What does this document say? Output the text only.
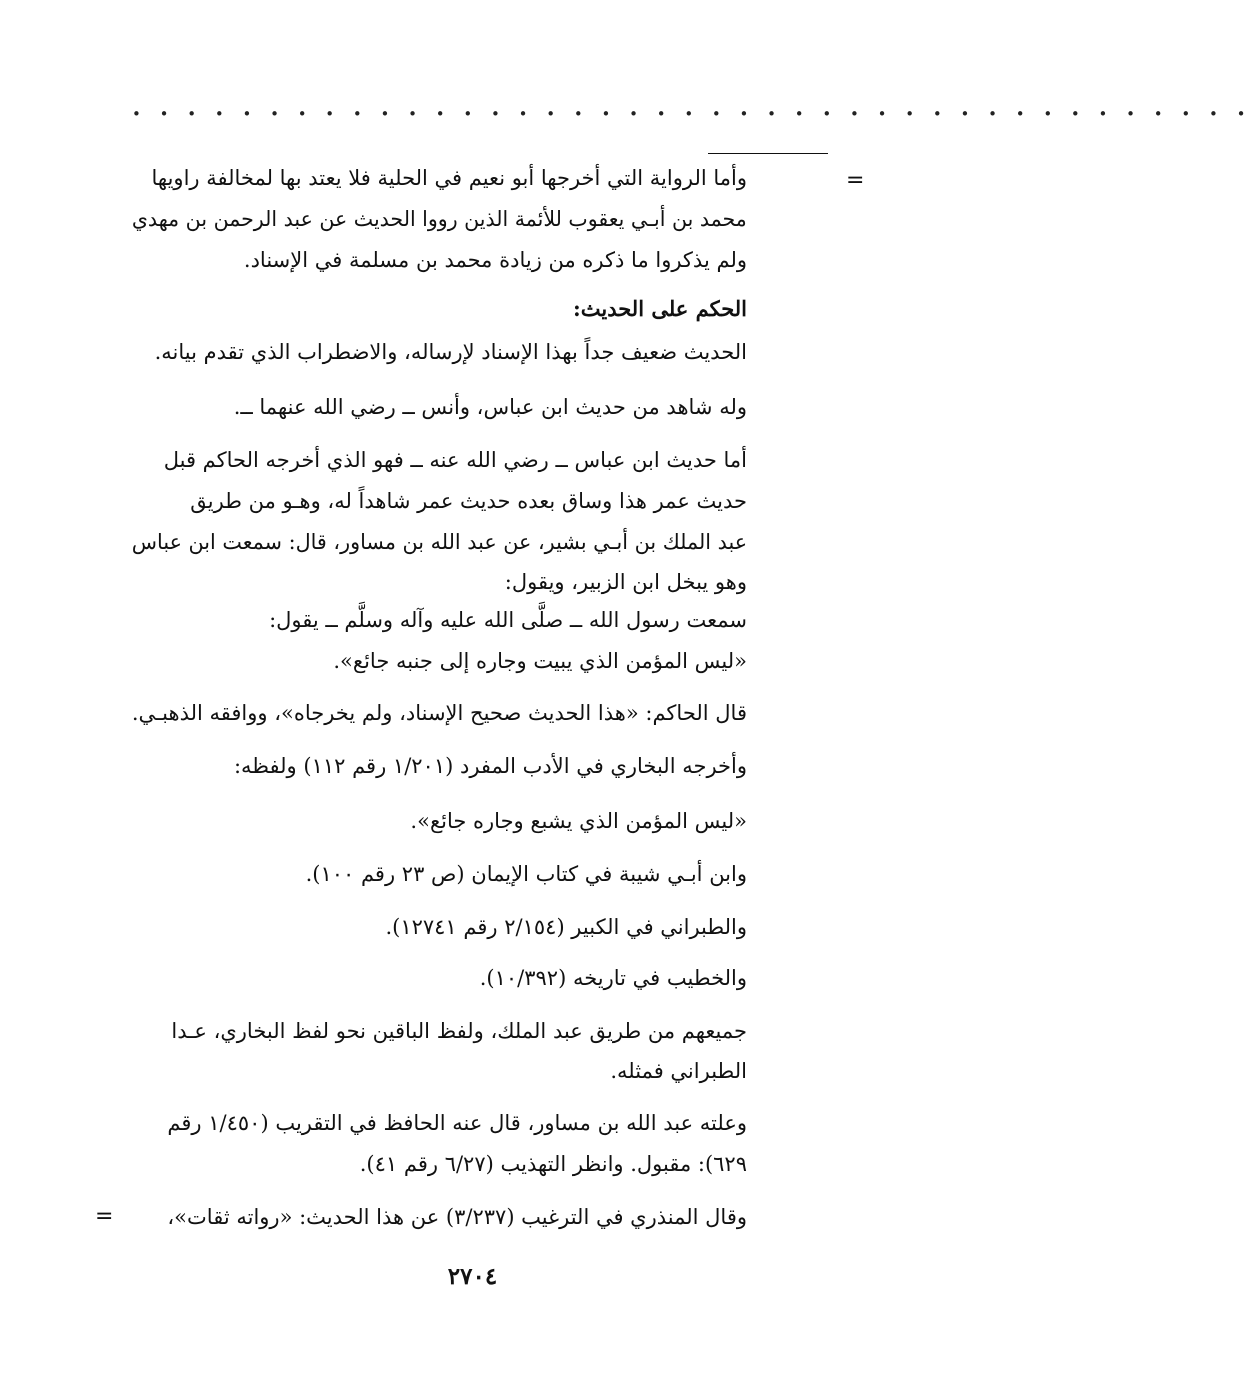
• • • • • • • • • • • • • • • • • • • • • • • • • • • • • • • • • • • • • • • • •
=
=
وأما الرواية التي أخرجها أبو نعيم في الحلية فلا يعتد بها لمخالفة راويها
محمد بن أبـي يعقوب للأئمة الذين رووا الحديث عن عبد الرحمن بن مهدي
ولم يذكروا ما ذكره من زيادة محمد بن مسلمة في الإسناد.
الحكم على الحديث:
الحديث ضعيف جداً بهذا الإسناد لإرساله، والاضطراب الذي تقدم بيانه.
وله شاهد من حديث ابن عباس، وأنس ــ رضي الله عنهما ــ.
أما حديث ابن عباس ــ رضي الله عنه ــ فهو الذي أخرجه الحاكم قبل
حديث عمر هذا وساق بعده حديث عمر شاهداً له، وهـو من طريق
عبد الملك بن أبـي بشير، عن عبد الله بن مساور، قال: سمعت ابن عباس
وهو يبخل ابن الزبير، ويقول:
سمعت رسول الله ــ صلَّى الله عليه وآله وسلَّم ــ يقول:
«ليس المؤمن الذي يبيت وجاره إلى جنبه جائع».
قال الحاكم: «هذا الحديث صحيح الإسناد، ولم يخرجاه»، ووافقه الذهبـي.
وأخرجه البخاري في الأدب المفرد (١/٢٠١ رقم ١١٢) ولفظه:
«ليس المؤمن الذي يشبع وجاره جائع».
وابن أبـي شيبة في كتاب الإيمان (ص ٢٣ رقم ١٠٠).
والطبراني في الكبير (٢/١٥٤ رقم ١٢٧٤١).
والخطيب في تاريخه (١٠/٣٩٢).
جميعهم من طريق عبد الملك، ولفظ الباقين نحو لفظ البخاري، عـدا
الطبراني فمثله.
وعلته عبد الله بن مساور، قال عنه الحافظ في التقريب (١/٤٥٠ رقم
٦٢٩): مقبول. وانظر التهذيب (٦/٢٧ رقم ٤١).
وقال المنذري في الترغيب (٣/٢٣٧) عن هذا الحديث: «رواته ثقات»،
٢٧٠٤
